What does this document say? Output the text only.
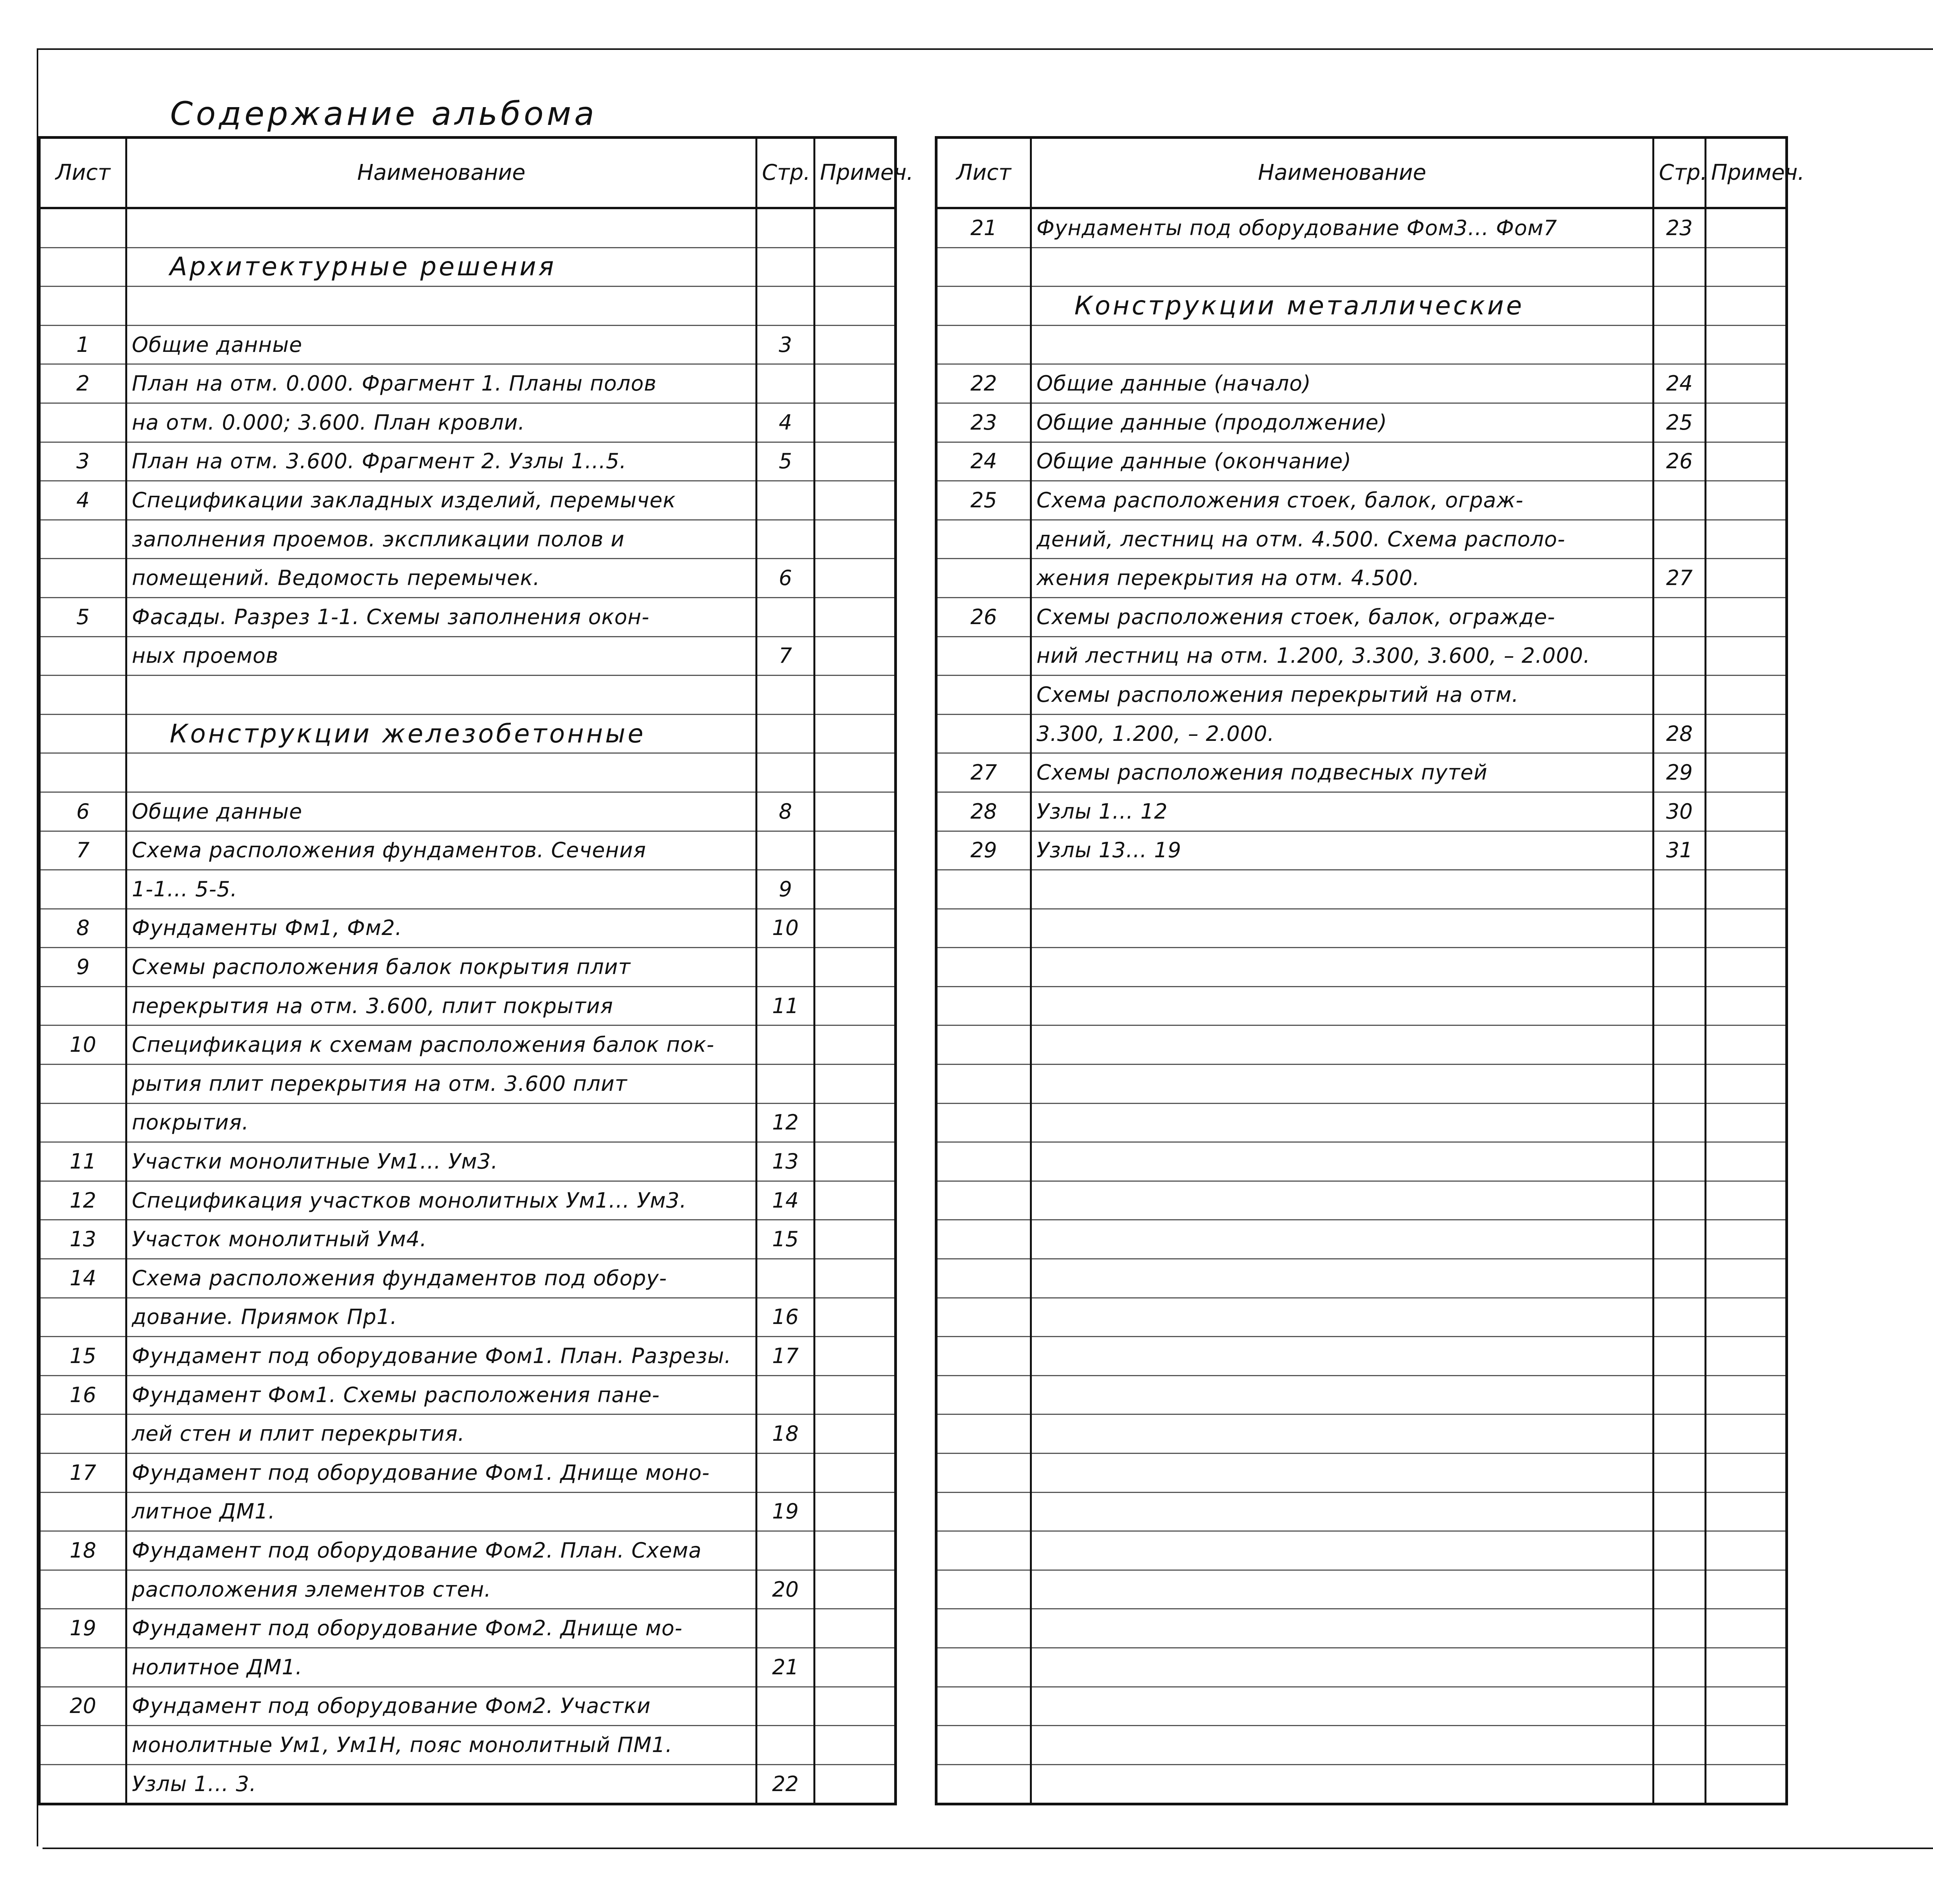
Содержание альбома
Лист	Наименование	Стр.	Примеч.

	Архитектурные решения		

1	Общие данные	3	
2	План на отм. 0.000. Фрагмент 1. Планы полов		
	на отм. 0.000; 3.600. План кровли.	4	
3	План на отм. 3.600. Фрагмент 2. Узлы 1...5.	5	
4	Спецификации закладных изделий, перемычек		
	заполнения проемов. экспликации полов и		
	помещений. Ведомость перемычек.	6	
5	Фасады. Разрез 1-1. Схемы заполнения окон-		
	ных проемов	7	

	Конструкции железобетонные		

6	Общие данные	8	
7	Схема расположения фундаментов. Сечения		
	1-1... 5-5.	9	
8	Фундаменты Фм1, Фм2.	10	
9	Схемы расположения балок покрытия плит		
	перекрытия на отм. 3.600, плит покрытия	11	
10	Спецификация к схемам расположения балок пок-		
	рытия плит перекрытия на отм. 3.600 плит		
	покрытия.	12	
11	Участки монолитные Ум1... Ум3.	13	
12	Спецификация участков монолитных Ум1... Ум3.	14	
13	Участок монолитный Ум4.	15	
14	Схема расположения фундаментов под обору-		
	дование. Приямок Пр1.	16	
15	Фундамент под оборудование Фом1. План. Разрезы.	17	
16	Фундамент Фом1. Схемы расположения пане-		
	лей стен и плит перекрытия.	18	
17	Фундамент под оборудование Фом1. Днище моно-		
	литное ДМ1.	19	
18	Фундамент под оборудование Фом2. План. Схема		
	расположения элементов стен.	20	
19	Фундамент под оборудование Фом2. Днище мо-		
	нолитное ДМ1.	21	
20	Фундамент под оборудование Фом2. Участки		
	монолитные Ум1, Ум1Н, пояс монолитный ПМ1.		
	Узлы 1... 3.	22	
Лист	Наименование	Стр.	Примеч.
21	Фундаменты под оборудование Фом3... Фом7	23	

	Конструкции металлические		

22	Общие данные (начало)	24	
23	Общие данные (продолжение)	25	
24	Общие данные (окончание)	26	
25	Схема расположения стоек, балок, ограж-		
	дений, лестниц на отм. 4.500. Схема располо-		
	жения перекрытия на отм. 4.500.	27	
26	Схемы расположения стоек, балок, огражде-		
	ний лестниц на отм. 1.200, 3.300, 3.600, – 2.000.		
	Схемы расположения перекрытий на отм.		
	3.300, 1.200, – 2.000.	28	
27	Схемы расположения подвесных путей	29	
28	Узлы 1... 12	30	
29	Узлы 13... 19	31	
